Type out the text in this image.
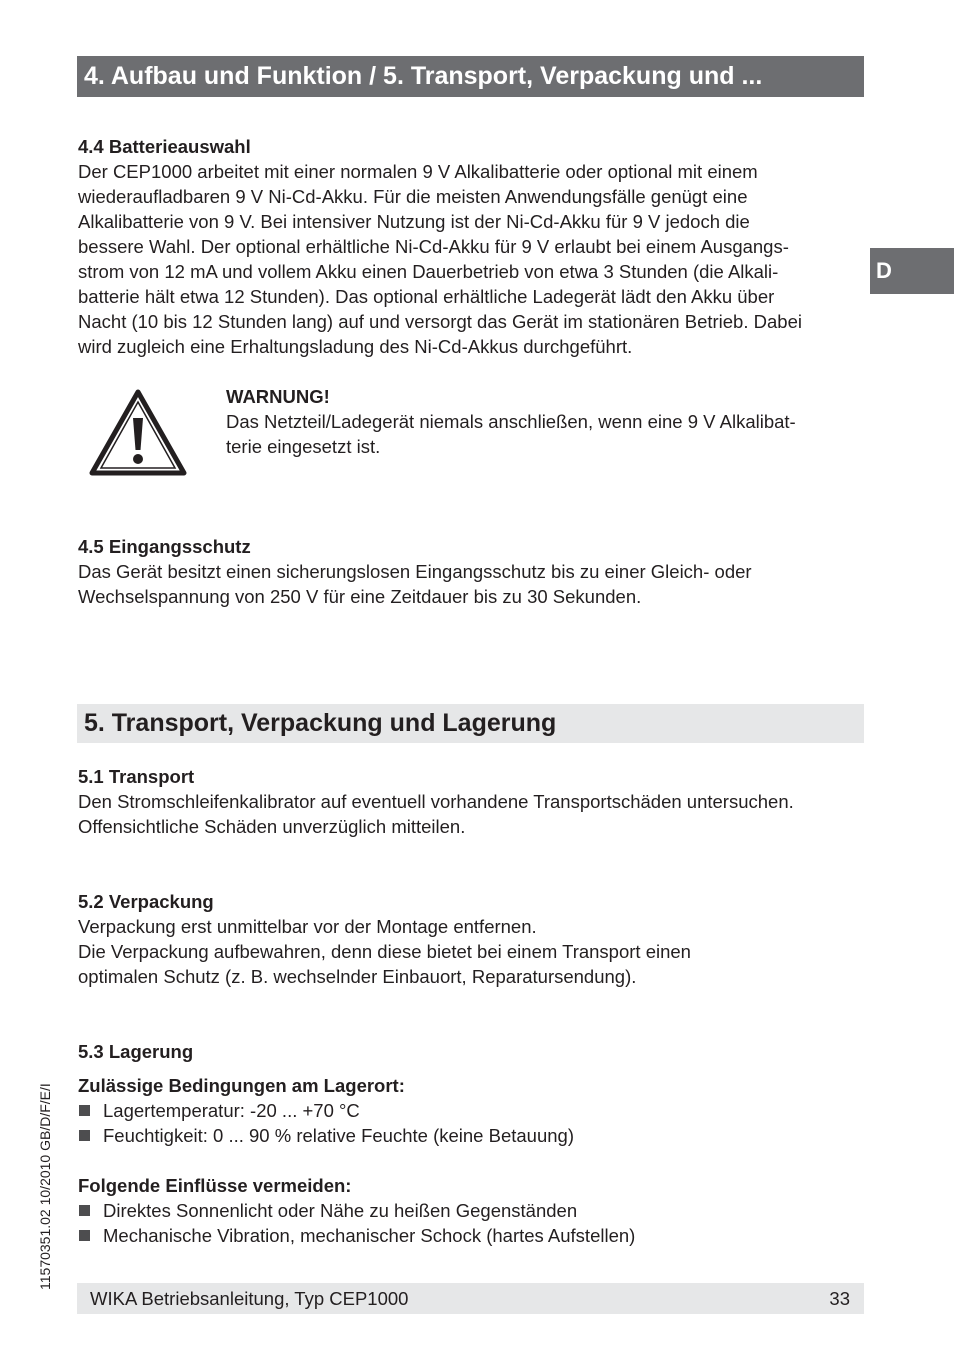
4. Aufbau und Funktion / 5. Transport, Verpackung und ...
D
4.4 Batterieauswahl
Der CEP1000 arbeitet mit einer normalen 9 V Alkalibatterie oder optional mit einem
wiederaufladbaren 9 V Ni-Cd-Akku. Für die meisten Anwendungsfälle genügt eine
Alkalibatterie von 9 V. Bei intensiver Nutzung ist der Ni-Cd-Akku für 9 V jedoch die
bessere Wahl. Der optional erhältliche Ni-Cd-Akku für 9 V erlaubt bei einem Ausgangs-
strom von 12 mA und vollem Akku einen Dauerbetrieb von etwa 3 Stunden (die Alkali-
batterie hält etwa 12 Stunden). Das optional erhältliche Ladegerät lädt den Akku über
Nacht (10 bis 12 Stunden lang) auf und versorgt das Gerät im stationären Betrieb. Dabei
wird zugleich eine Erhaltungsladung des Ni-Cd-Akkus durchgeführt.
WARNUNG!
Das Netzteil/Ladegerät niemals anschließen, wenn eine 9 V Alkalibat-
terie eingesetzt ist.
4.5 Eingangsschutz
Das Gerät besitzt einen sicherungslosen Eingangsschutz bis zu einer Gleich- oder
Wechselspannung von 250 V für eine Zeitdauer bis zu 30 Sekunden.
5. Transport, Verpackung und Lagerung
5.1 Transport
Den Stromschleifenkalibrator auf eventuell vorhandene Transportschäden untersuchen.
Offensichtliche Schäden unverzüglich mitteilen.
5.2 Verpackung
Verpackung erst unmittelbar vor der Montage entfernen.
Die Verpackung aufbewahren, denn diese bietet bei einem Transport einen
optimalen Schutz (z. B. wechselnder Einbauort, Reparatursendung).
5.3 Lagerung
Zulässige Bedingungen am Lagerort:
Lagertemperatur: -20 ... +70 °C
Feuchtigkeit: 0 ... 90 % relative Feuchte (keine Betauung)
Folgende Einflüsse vermeiden:
Direktes Sonnenlicht oder Nähe zu heißen Gegenständen
Mechanische Vibration, mechanischer Schock (hartes Aufstellen)
11570351.02 10/2010 GB/D/F/E/I
WIKA Betriebsanleitung, Typ CEP1000	33
